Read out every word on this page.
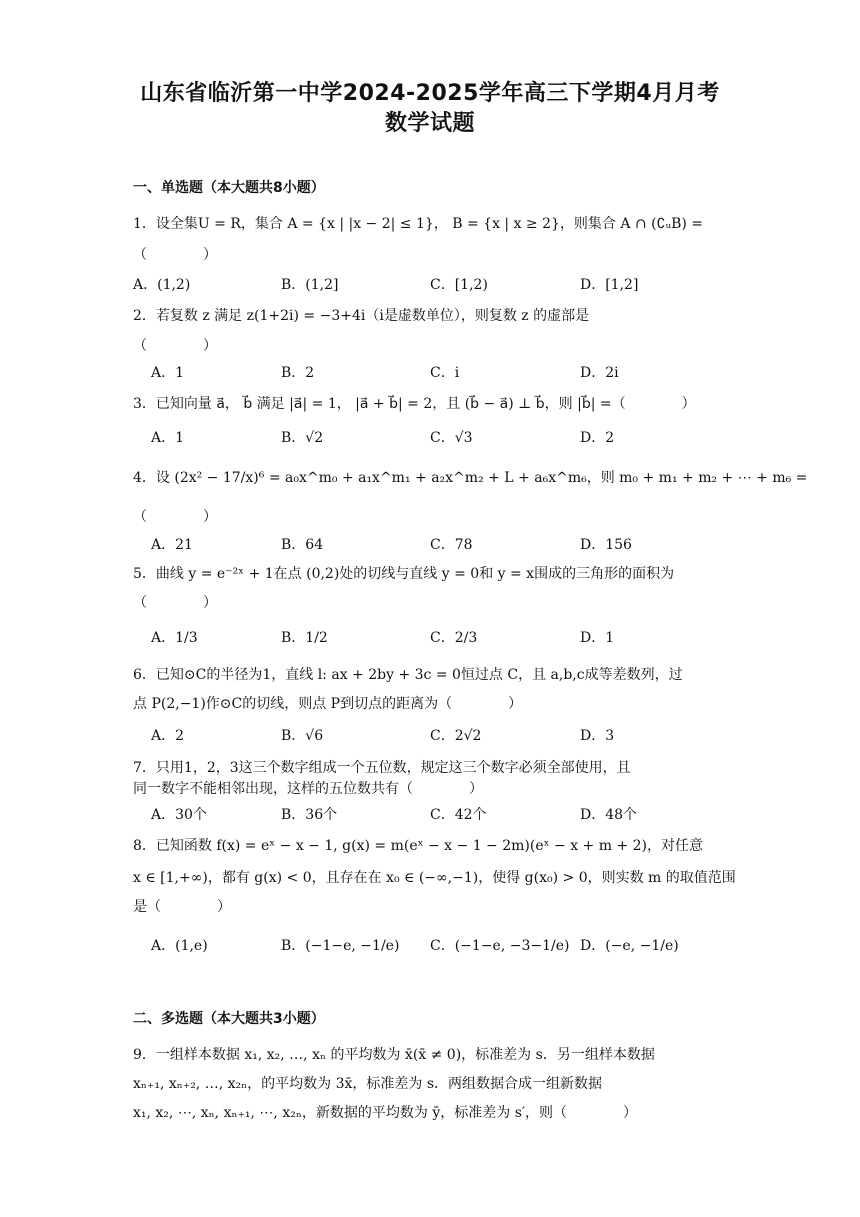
山东省临沂第一中学2024-2025学年高三下学期4月月考
数学试题
一、单选题（本大题共8小题）
1．设全集U = R，集合 A = {x | |x − 2| ≤ 1}， B = {x | x ≥ 2}，则集合 A ∩ (∁ᵤB) =
（　　　　）
A．(1,2)	B．(1,2]	C．[1,2)	D．[1,2]
2．若复数 z 满足 z(1+2i) = −3+4i（i是虚数单位），则复数 z 的虚部是
（　　　　）
A．1	B．2	C．i	D．2i
3．已知向量 a⃗， b⃗ 满足 |a⃗| = 1， |a⃗ + b⃗| = 2，且 (b⃗ − a⃗) ⊥ b⃗，则 |b⃗| =（　　　　）
A．1	B．√2	C．√3	D．2
4．设 (2x² − 17/x)⁶ = a₀x^m₀ + a₁x^m₁ + a₂x^m₂ + L + a₆x^m₆，则 m₀ + m₁ + m₂ + ⋯ + m₆ =
（　　　　）
A．21	B．64	C．78	D．156
5．曲线 y = e⁻²ˣ + 1在点 (0,2)处的切线与直线 y = 0和 y = x围成的三角形的面积为
（　　　　）
A．1/3	B．1/2	C．2/3	D．1
6．已知⊙C的半径为1，直线 l: ax + 2by + 3c = 0恒过点 C，且 a,b,c成等差数列，过
点 P(2,−1)作⊙C的切线，则点 P到切点的距离为（　　　　）
A．2	B．√6	C．2√2	D．3
7．只用1，2，3这三个数字组成一个五位数，规定这三个数字必须全部使用，且
同一数字不能相邻出现，这样的五位数共有（　　　　）
A．30个	B．36个	C．42个	D．48个
8．已知函数 f(x) = eˣ − x − 1, g(x) = m(eˣ − x − 1 − 2m)(eˣ − x + m + 2)，对任意
x ∈ [1,+∞)，都有 g(x) < 0，且存在在 x₀ ∈ (−∞,−1)，使得 g(x₀) > 0，则实数 m 的取值范围
是（　　　　）
A．(1,e)	B．(−1−e, −1/e) C．(−1−e, −3−1/e) D．(−e, −1/e)
二、多选题（本大题共3小题）
9．一组样本数据 x₁, x₂, …, xₙ 的平均数为 x̄(x̄ ≠ 0)，标准差为 s．另一组样本数据
xₙ₊₁, xₙ₊₂, …, x₂ₙ，的平均数为 3x̄，标准差为 s．两组数据合成一组新数据
x₁, x₂, ⋯, xₙ, xₙ₊₁, ⋯, x₂ₙ，新数据的平均数为 ȳ，标准差为 s′，则（　　　　）
